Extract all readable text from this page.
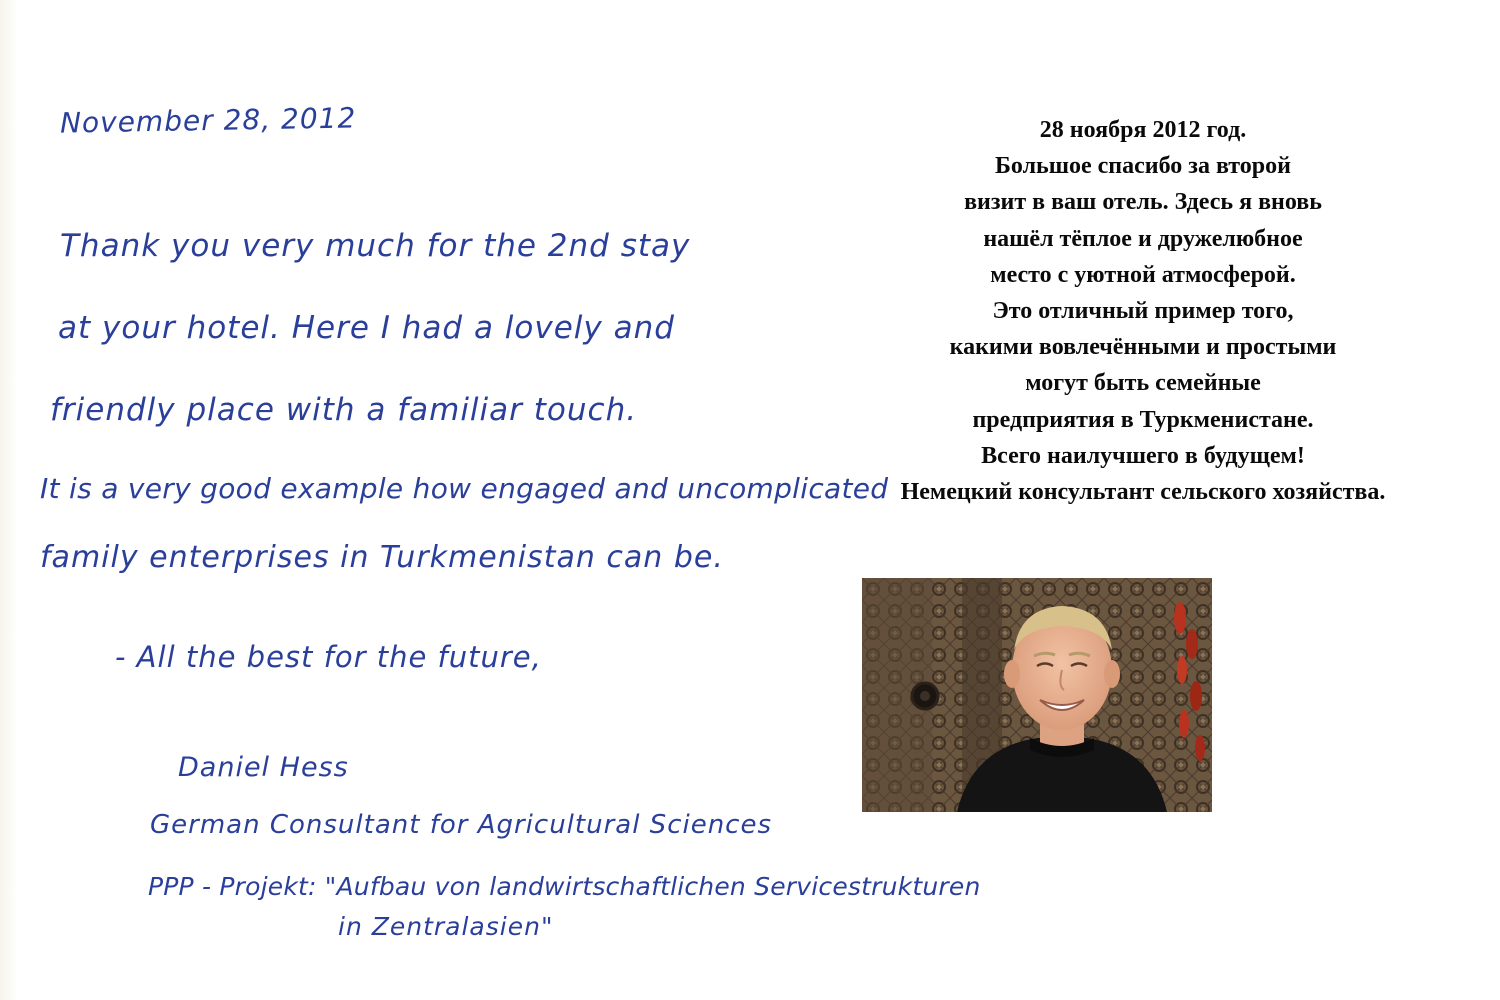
November 28, 2012
Thank you very much for the 2nd stay
at your hotel. Here I had a lovely and
friendly place with a familiar touch.
It is a very good example how engaged and uncomplicated
family enterprises in Turkmenistan can be.
- All the best for the future,
Daniel Hess
German Consultant for Agricultural Sciences
PPP - Projekt: "Aufbau von landwirtschaftlichen Servicestrukturen
in Zentralasien"
28 ноября 2012 год.
Большое спасибо за второй
визит в ваш отель. Здесь я вновь
нашёл тёплое и дружелюбное
место с уютной атмосферой.
Это отличный пример того,
какими вовлечёнными и простыми
могут быть семейные
предприятия в Туркменистане.
Всего наилучшего в будущем!
Немецкий консультант сельского хозяйства.
